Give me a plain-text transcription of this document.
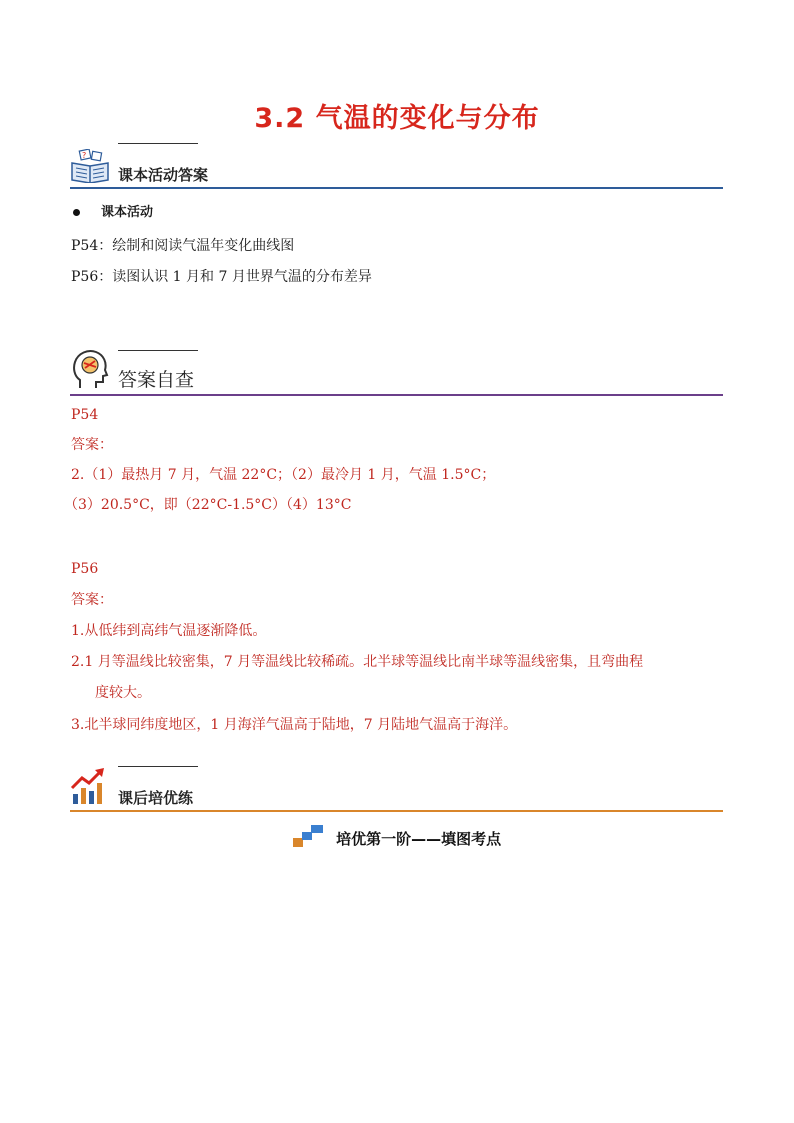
3.2 气温的变化与分布
?
课本活动答案
课本活动
P54：绘制和阅读气温年变化曲线图
P56：读图认识 1 月和 7 月世界气温的分布差异
答案自查
P54
答案：
2.（1）最热月 7 月，气温 22°C；（2）最冷月 1 月，气温 1.5°C；
（3）20.5°C，即（22°C-1.5°C）（4）13°C
P56
答案：
1.从低纬到高纬气温逐渐降低。
2.1 月等温线比较密集，7 月等温线比较稀疏。北半球等温线比南半球等温线密集，且弯曲程
度较大。
3.北半球同纬度地区，1 月海洋气温高于陆地，7 月陆地气温高于海洋。
课后培优练
培优第一阶——填图考点
